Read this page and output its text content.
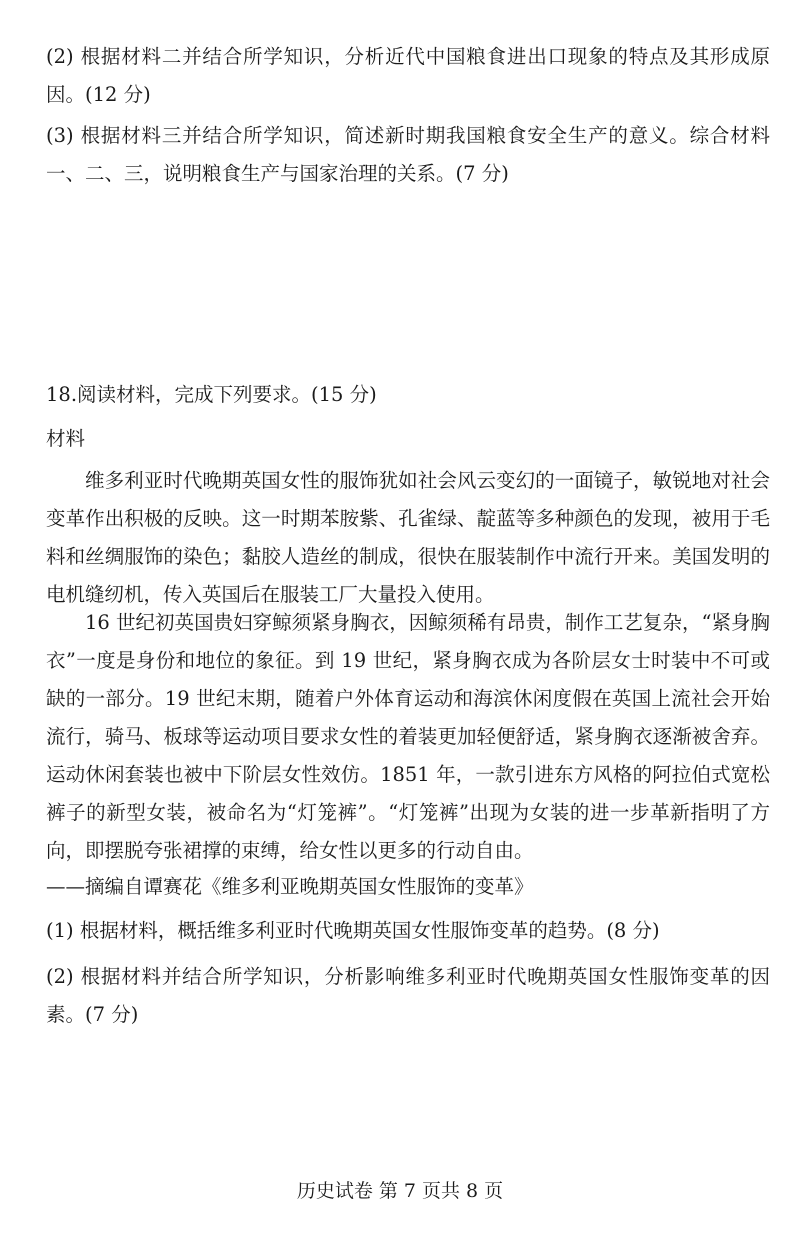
(2) 根据材料二并结合所学知识，分析近代中国粮食进出口现象的特点及其形成原因。(12 分)

(3) 根据材料三并结合所学知识，简述新时期我国粮食安全生产的意义。综合材料一、二、三，说明粮食生产与国家治理的关系。(7 分)

18.阅读材料，完成下列要求。(15 分)

材料

维多利亚时代晚期英国女性的服饰犹如社会风云变幻的一面镜子，敏锐地对社会变革作出积极的反映。这一时期苯胺紫、孔雀绿、靛蓝等多种颜色的发现，被用于毛料和丝绸服饰的染色；黏胶人造丝的制成，很快在服装制作中流行开来。美国发明的电机缝纫机，传入英国后在服装工厂大量投入使用。

16 世纪初英国贵妇穿鲸须紧身胸衣，因鲸须稀有昂贵，制作工艺复杂，“紧身胸衣”一度是身份和地位的象征。到 19 世纪，紧身胸衣成为各阶层女士时装中不可或缺的一部分。19 世纪末期，随着户外体育运动和海滨休闲度假在英国上流社会开始流行，骑马、板球等运动项目要求女性的着装更加轻便舒适，紧身胸衣逐渐被舍弃。运动休闲套装也被中下阶层女性效仿。1851 年，一款引进东方风格的阿拉伯式宽松裤子的新型女装，被命名为“灯笼裤”。“灯笼裤”出现为女装的进一步革新指明了方向，即摆脱夸张裙撑的束缚，给女性以更多的行动自由。

——摘编自谭赛花《维多利亚晚期英国女性服饰的变革》

(1) 根据材料，概括维多利亚时代晚期英国女性服饰变革的趋势。(8 分)

(2) 根据材料并结合所学知识，分析影响维多利亚时代晚期英国女性服饰变革的因素。(7 分)

历史试卷 第 7 页共 8 页
